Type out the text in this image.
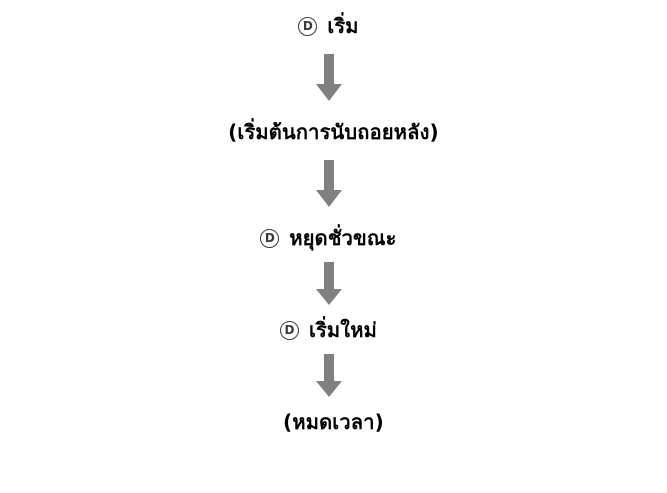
D เริ่ม
(เริ่มต้นการนับถอยหลัง)
D หยุดชั่วขณะ
D เริ่มใหม่
(หมดเวลา)
